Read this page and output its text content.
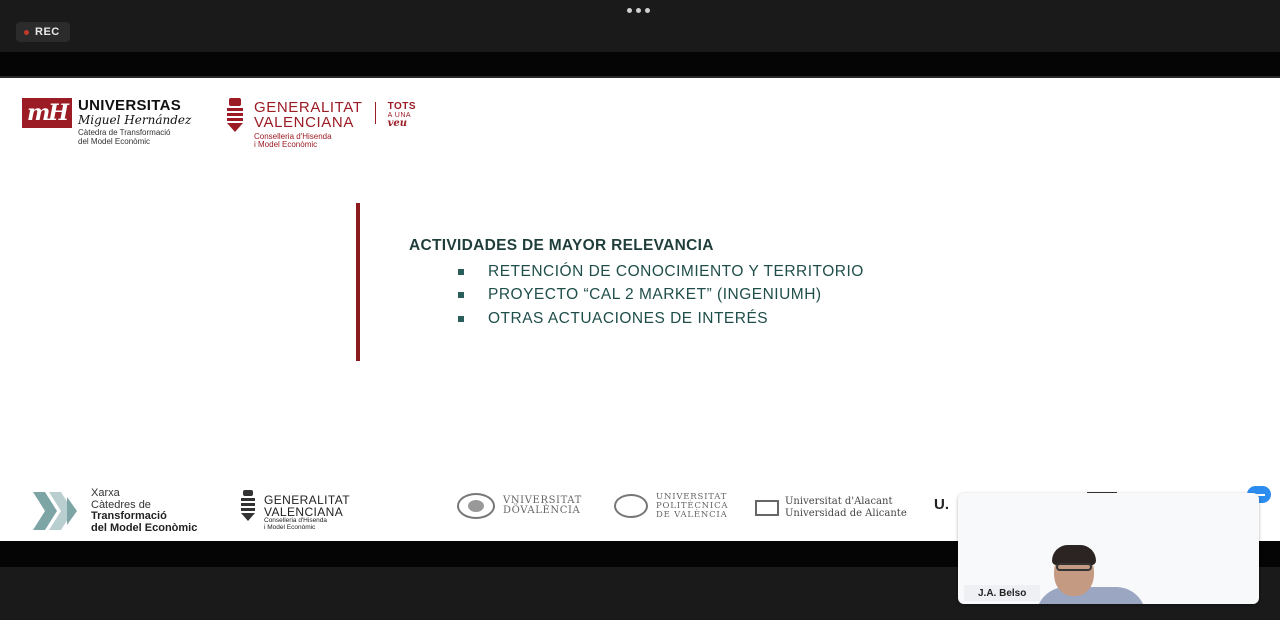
REC
mH UNIVERSITAS
Miguel Hernández
Càtedra de Transformació
del Model Econòmic
GENERALITAT
VALENCIANA
Conselleria d'Hisenda
i Model Econòmic
TOTS
A UNA
veu
ACTIVIDADES DE MAYOR RELEVANCIA
RETENCIÓN DE CONOCIMIENTO Y TERRITORIO
PROYECTO “CAL 2 MARKET” (INGENIUMH)
OTRAS ACTUACIONES DE INTERÉS
Xarxa
Càtedres de
Transformació
del Model Econòmic
GENERALITAT
VALENCIANA
Conselleria d'Hisenda
i Model Econòmic
VNIVERSITAT
DÖVALÈNCIA
UNIVERSITAT
POLITÈCNICA
DE VALÈNCIA
Universitat d'Alacant
Universidad de Alicante U.
J.A. Belso
